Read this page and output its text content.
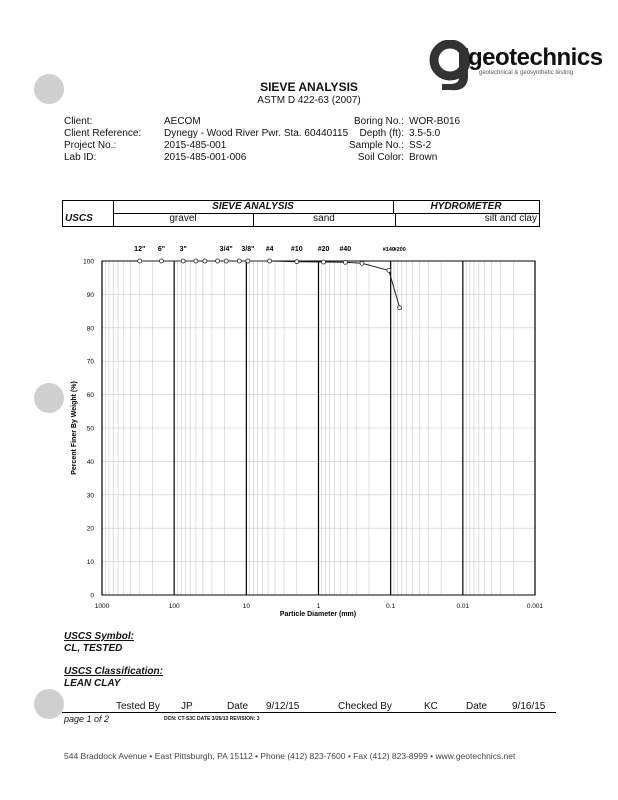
geotechnics
geotechnical & geosynthetic testing
SIEVE ANALYSIS
ASTM D 422-63 (2007)
Client:	AECOM
Client Reference: Dynegy - Wood River Pwr. Sta. 60440115
Project No.:	2015-485-001
Lab ID:	2015-485-001-006
Boring No.: WOR-B016
Depth (ft): 3.5-5.0
Sample No.: SS-2
Soil Color: Brown
USCS
SIEVE ANALYSIS	HYDROMETER
gravel	sand	silt and clay
0
10
20
30
40
50
60
70
80
90
100
1000	100	10	1	0.1	0.01	0.001
12" 6" 3"	3/4" 3/8" #4 #10 #20 #40	#140
#200
Particle Diameter (mm)
Percent Finer By Weight (%)
USCS Symbol:
CL, TESTED
USCS Classification:
LEAN CLAY
Tested By JP	Date 9/12/15	Checked By	KC	Date 9/16/15
page 1 of 2	DCN: CT-S3C DATE 3/26/13 REVISION: 3
544 Braddock Avenue • East Pittsburgh, PA 15112 • Phone (412) 823-7600 • Fax (412) 823-8999 • www.geotechnics.net
